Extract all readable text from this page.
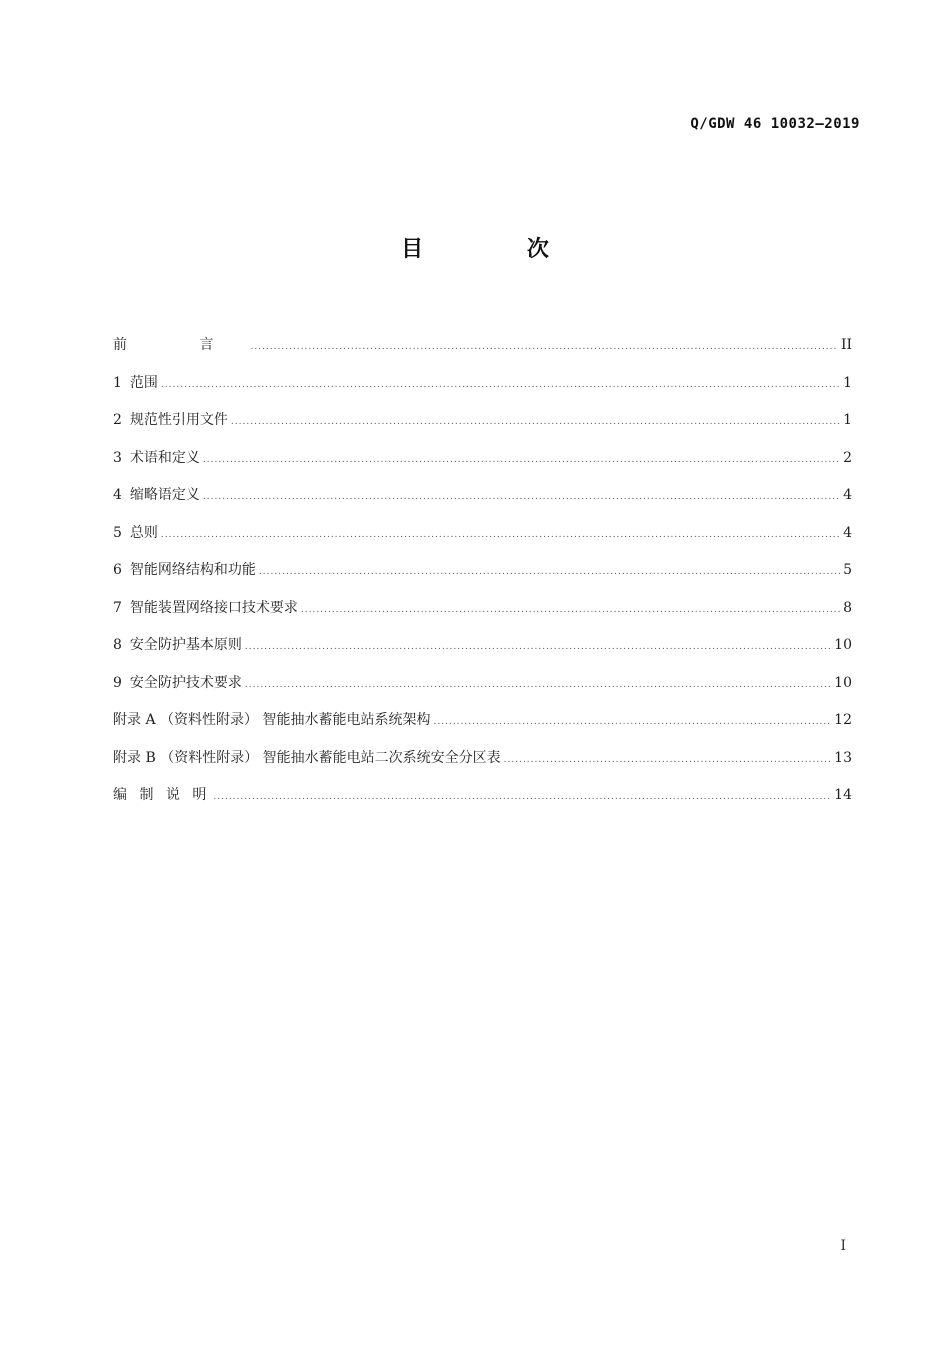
Q/GDW 46 10032—2019
目 次
前 言 .....	II
1 范围 .....	1
2 规范性引用文件 .....	1
3 术语和定义 .....	2
4 缩略语定义 .....	4
5 总则 .....	4
6 智能网络结构和功能 .....	5
7 智能装置网络接口技术要求 .....	8
8 安全防护基本原则 .....	10
9 安全防护技术要求 .....	10
附录 A （资料性附录） 智能抽水蓄能电站系统架构 .....	12
附录 B （资料性附录） 智能抽水蓄能电站二次系统安全分区表 .....	13
编 制 说 明 .....	14
I
